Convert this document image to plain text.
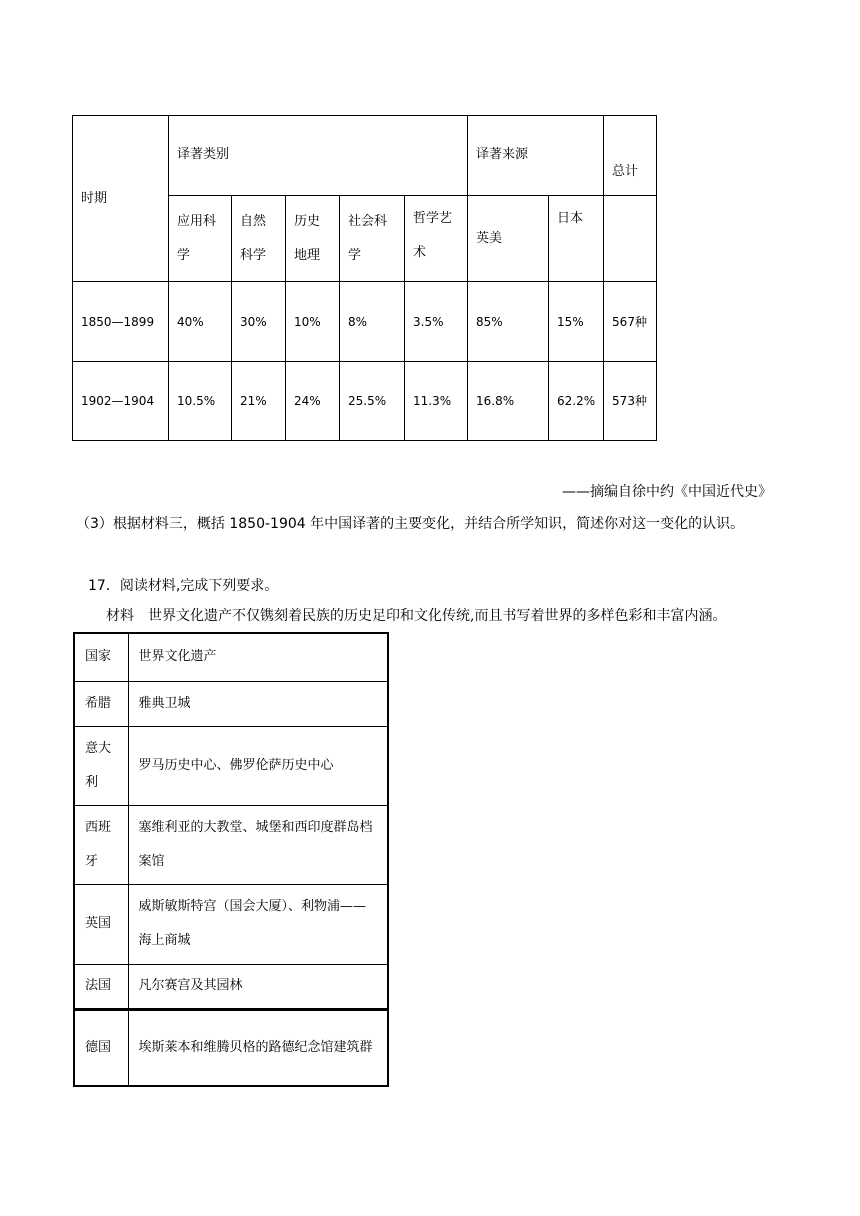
时期	译著类别					译著来源		总计
	应用科学	自然科学	历史地理	社会科学	哲学艺术	英美	日本	
1850—1899	40%	30%	10%	8%	3.5%	85%	15%	567种
1902—1904	10.5%	21%	24%	25.5%	11.3%	16.8%	62.2%	573种
——摘编自徐中约《中国近代史》
（3）根据材料三，概括 1850-1904 年中国译著的主要变化，并结合所学知识，简述你对这一变化的认识。
17．阅读材料,完成下列要求。
材料　世界文化遗产不仅镌刻着民族的历史足印和文化传统,而且书写着世界的多样色彩和丰富内涵。
国家	世界文化遗产
希腊	雅典卫城
意大利	罗马历史中心、佛罗伦萨历史中心
西班牙	塞维利亚的大教堂、城堡和西印度群岛档案馆
英国	威斯敏斯特宫（国会大厦）、利物浦——海上商城
法国	凡尔赛宫及其园林
德国	埃斯莱本和维腾贝格的路德纪念馆建筑群
